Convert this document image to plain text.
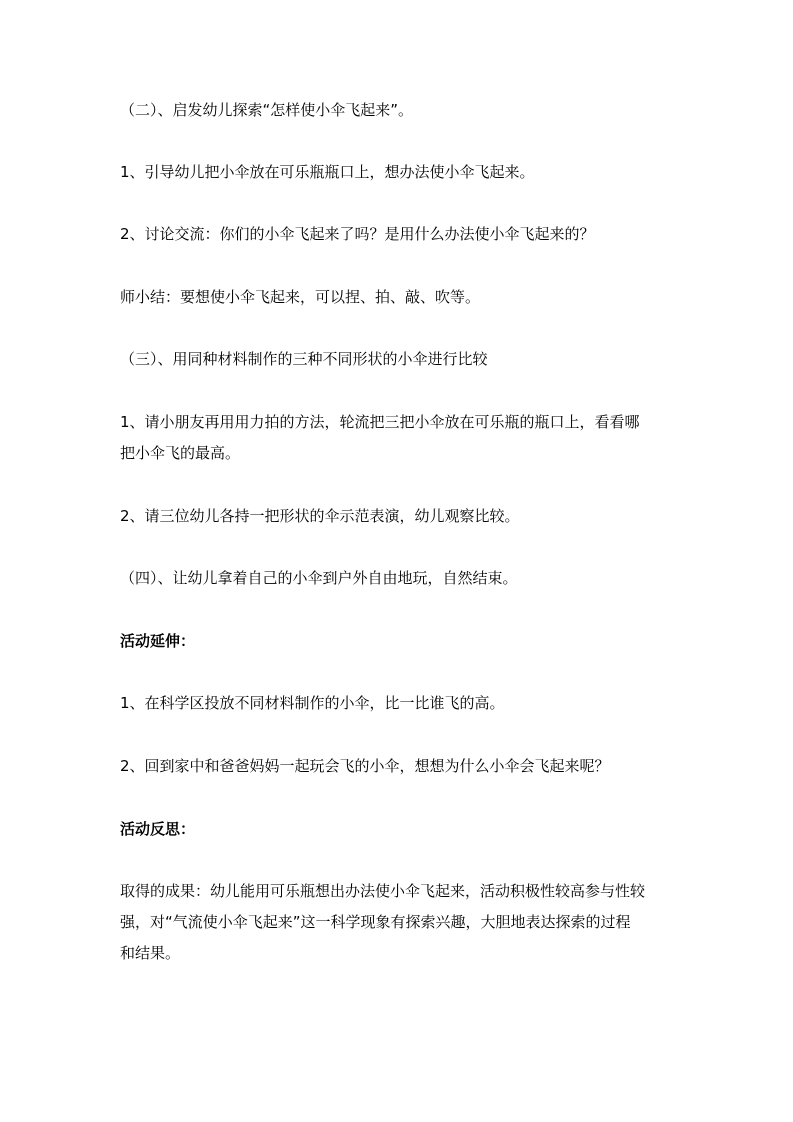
（二）、启发幼儿探索“怎样使小伞飞起来”。
1、引导幼儿把小伞放在可乐瓶瓶口上，想办法使小伞飞起来。
2、讨论交流：你们的小伞飞起来了吗？是用什么办法使小伞飞起来的？
师小结：要想使小伞飞起来，可以捏、拍、敲、吹等。
（三）、用同种材料制作的三种不同形状的小伞进行比较
1、请小朋友再用用力拍的方法，轮流把三把小伞放在可乐瓶的瓶口上，看看哪
把小伞飞的最高。
2、请三位幼儿各持一把形状的伞示范表演，幼儿观察比较。
（四）、让幼儿拿着自己的小伞到户外自由地玩，自然结束。
活动延伸：
1、在科学区投放不同材料制作的小伞，比一比谁飞的高。
2、回到家中和爸爸妈妈一起玩会飞的小伞，想想为什么小伞会飞起来呢？
活动反思：
取得的成果：幼儿能用可乐瓶想出办法使小伞飞起来，活动积极性较高参与性较
强，对“气流使小伞飞起来”这一科学现象有探索兴趣，大胆地表达探索的过程
和结果。
